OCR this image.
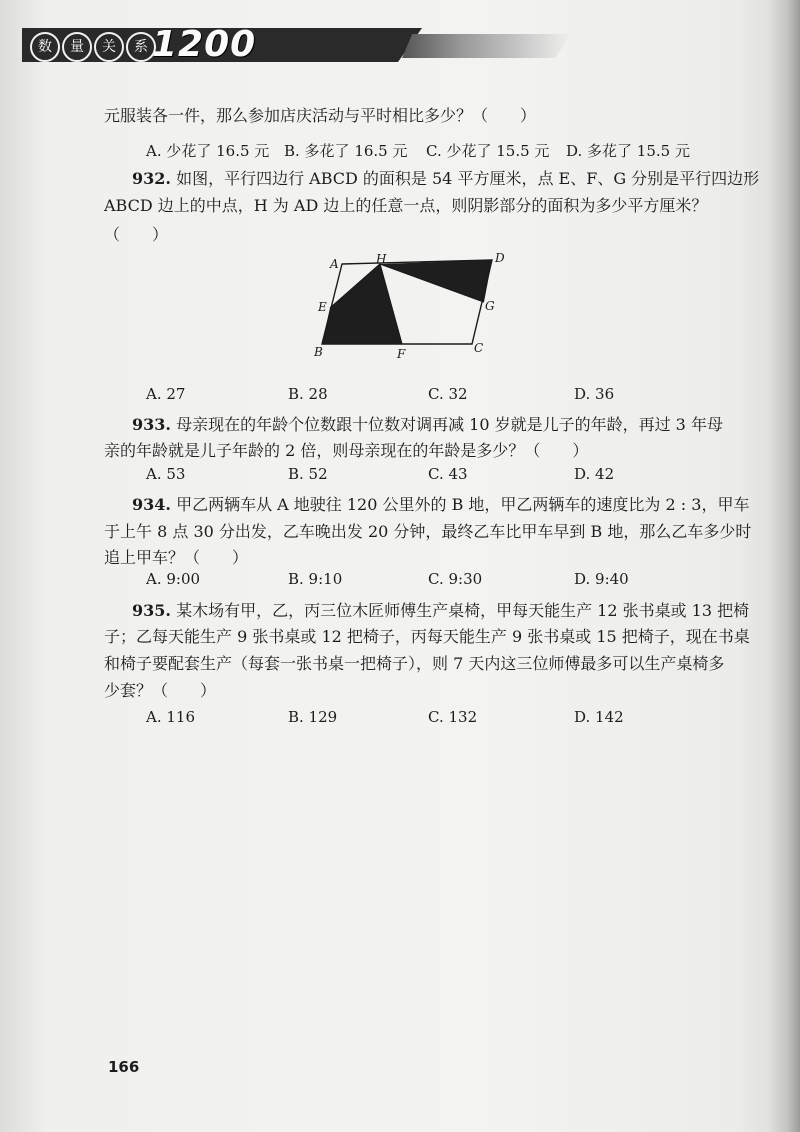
数	量	关	系 1200
元服装各一件，那么参加店庆活动与平时相比多少？（　　）
A. 少花了 16.5 元 B. 多花了 16.5 元 C. 少花了 15.5 元 D. 多花了 15.5 元
932. 如图，平行四边行 ABCD 的面积是 54 平方厘米，点 E、F、G 分别是平行四边形
ABCD 边上的中点，H 为 AD 边上的任意一点，则阴影部分的面积为多少平方厘米？
（　　）
A	H	D
E	G
B	F	C
A. 27	B. 28	C. 32	D. 36
933. 母亲现在的年龄个位数跟十位数对调再减 10 岁就是儿子的年龄，再过 3 年母
亲的年龄就是儿子年龄的 2 倍，则母亲现在的年龄是多少？（　　）
A. 53	B. 52	C. 43	D. 42
934. 甲乙两辆车从 A 地驶往 120 公里外的 B 地，甲乙两辆车的速度比为 2 : 3，甲车
于上午 8 点 30 分出发，乙车晚出发 20 分钟，最终乙车比甲车早到 B 地，那么乙车多少时
追上甲车？（　　）
A. 9:00	B. 9:10	C. 9:30	D. 9:40
935. 某木场有甲，乙，丙三位木匠师傅生产桌椅，甲每天能生产 12 张书桌或 13 把椅
子；乙每天能生产 9 张书桌或 12 把椅子，丙每天能生产 9 张书桌或 15 把椅子，现在书桌
和椅子要配套生产（每套一张书桌一把椅子），则 7 天内这三位师傅最多可以生产桌椅多
少套？（　　）
A. 116	B. 129	C. 132	D. 142
166
